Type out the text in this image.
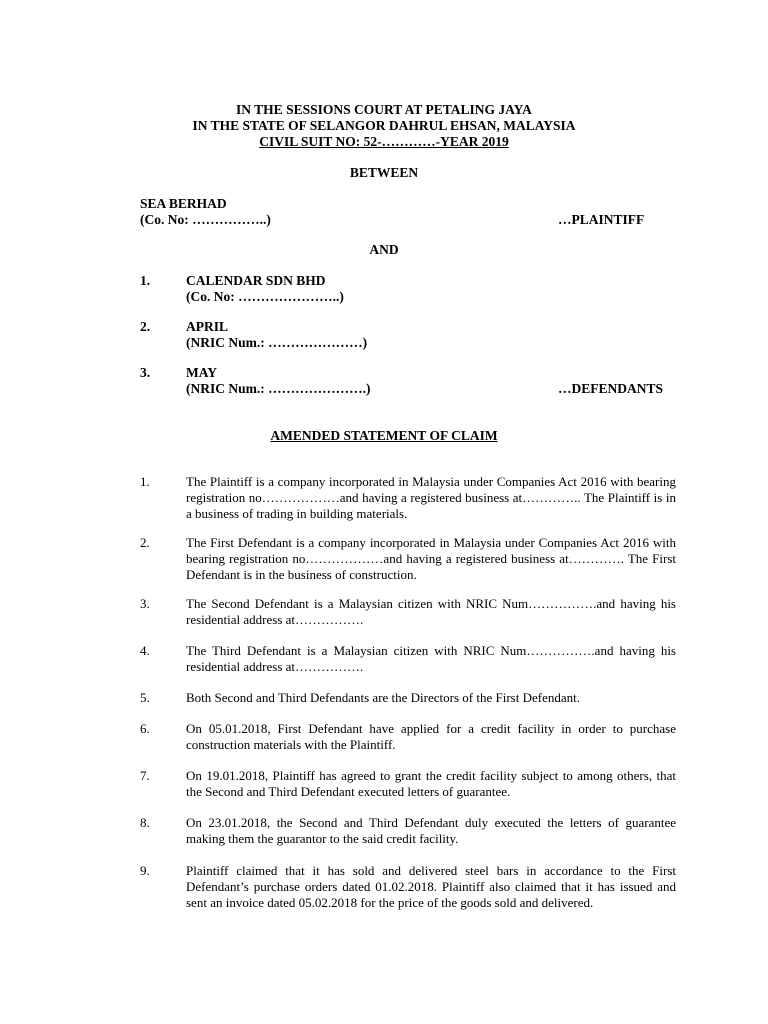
IN THE SESSIONS COURT AT PETALING JAYA
IN THE STATE OF SELANGOR DAHRUL EHSAN, MALAYSIA
CIVIL SUIT NO: 52-…………-YEAR 2019
BETWEEN
SEA BERHAD
(Co. No: ……………..)	…PLAINTIFF
AND
1.	CALENDAR SDN BHD
(Co. No: …………………..)
2.	APRIL
(NRIC Num.: …………………)
3.	MAY
(NRIC Num.: ………………….)	…DEFENDANTS
AMENDED STATEMENT OF CLAIM
1.	The Plaintiff is a company incorporated in Malaysia under Companies Act 2016 with bearing registration no………………and having a registered business at………….. The Plaintiff is in a business of trading in building materials.
2.	The First Defendant is a company incorporated in Malaysia under Companies Act 2016 with bearing registration no………………and having a registered business at…………. The First Defendant is in the business of construction.
3.	The Second Defendant is a Malaysian citizen with NRIC Num…………….and having his residential address at…………….
4.	The Third Defendant is a Malaysian citizen with NRIC Num…………….and having his residential address at…………….
5.	Both Second and Third Defendants are the Directors of the First Defendant.
6.	On 05.01.2018, First Defendant have applied for a credit facility in order to purchase construction materials with the Plaintiff.
7.	On 19.01.2018, Plaintiff has agreed to grant the credit facility subject to among others, that the Second and Third Defendant executed letters of guarantee.
8.	On 23.01.2018, the Second and Third Defendant duly executed the letters of guarantee making them the guarantor to the said credit facility.
9.	Plaintiff claimed that it has sold and delivered steel bars in accordance to the First Defendant’s purchase orders dated 01.02.2018. Plaintiff also claimed that it has issued and sent an invoice dated 05.02.2018 for the price of the goods sold and delivered.
